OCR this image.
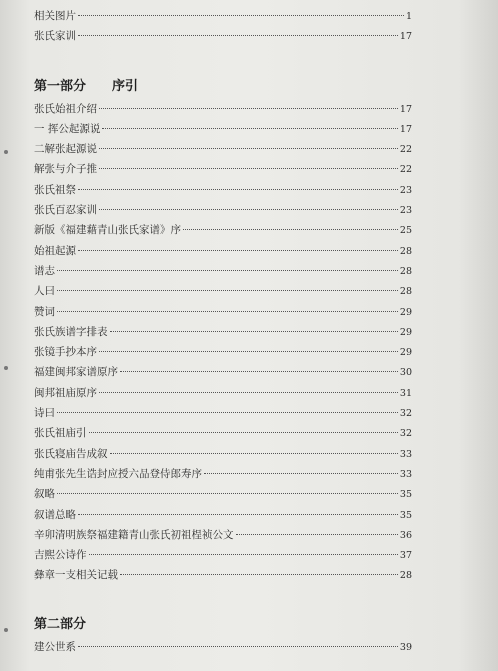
相关图片	1
张氏家训	17
第一部分 序引
张氏始祖介绍	17
一 挥公起源说	17
二解张起源说	22
解张与介子推	22
张氏祖祭	23
张氏百忍家训	23
新版《福建藉青山张氏家谱》序	25
始祖起源	28
谱志	28
人曰	28
赞词	29
张氏族谱字排表	29
张镜手抄本序	29
福建闽邦家谱原序	30
闽邦祖庙原序	31
诗曰	32
张氏祖庙引	32
张氏寝庙告成叙	33
纯甫张先生诰封应授六品登侍郎寿序	33
叙略	35
叙谱总略	35
辛卯清明族祭福建籍青山张氏初祖桯祯公文	36
吉熙公诗作	37
彝章一支相关记载	28
第二部分
建公世系	39
